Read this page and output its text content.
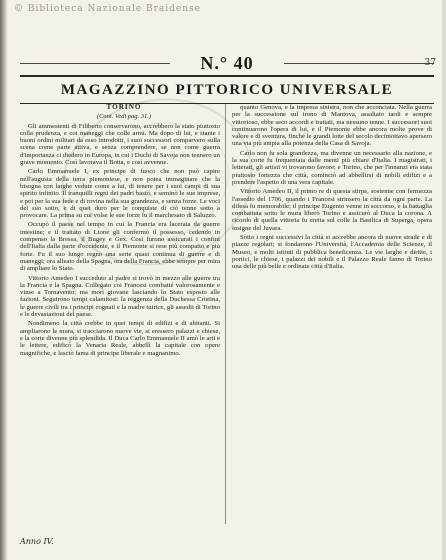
© Biblioteca Nazionale Braidense
N.° 40	37
MAGAZZINO PITTORICO UNIVERSALE

TORINO

(Cont. Vedi pag. 31.)

Gli ammestenti di Filiberto conservarono, accrebbero la stato piuttosto colla prudenza, e coi maneggi che colle armi. Ma dopo di lui, e stante i buoni ordini militari da esso introdotti, i suoi successori comparvero sulla scena come parte attiva, e senza comprendere, se non come guerra d'importanza ci diedero in Europa, in cui i Duchi di Savoja non tennero un grave momento. Così lavorava il Botta, e così avvenne.

Carlo Emmanuele I, ex principe di fuoco che non può capire nell'augusta della terra piemontese, e non potea immaginare che la bisogna con larghe vedute come a lui, di tenere per i suoi campi di sua spirito infinito. Il tranquilli regni dei padri bastò, e seminò le sue imprese, e poi per la sua fede e di rovina nella sua grandezza, e senza forze. Le voci del suo sotto, e di quei duro per le conquiste di ciò tenne sotto a provocare. La prima su cui volse le sue forze fu il marchesato di Saluzzo.

Occupò il paese nel tempo in cui la Francia era lacerata da guerre intestine; e il trattato di Lione gli confermò il possesso, cedendo in compenso la Bressa, il Bugey e Gex. Così furono assicurati i confini dell'Italia dalla parte d'occidente, e il Piemonte si rese più compatto e più forte. Fu il suo lungo regno una serie quasi continua di guerre e di maneggi; ora alleato della Spagna, ora della Francia, ebbe sempre per mira di ampliare lo Stato.

Vittorio Amedeo I succeduto al padre si trovò in mezzo alle guerre tra la Francia e la Spagna. Collegato coi Francesi combatté valorosamente e vinse a Tornavento; ma morì giovane lasciando lo Stato esposto alle fazioni. Seguirono tempi calamitosi: la reggenza della Duchessa Cristina, le guerre civili tra i principi cognati e la madre tutrice, gli assedii di Torino e le devastazioni del paese.

Nondimeno la città crebbe in quei tempi di edifizi e di abitanti. Si ampliarono le mura, si tracciarono nuove vie, si eressero palazzi e chiese, e la corte divenne più splendida. Il Duca Carlo Emmanuele II amò le arti e le lettere, edificò la Venaria Reale, abbellì la capitale con opere magnifiche, e lasciò fama di principe liberale e magnanimo.

quanto Genova, e la impresa sinistra, non che acconciata. Nella guerra per la successione sul trono di Mantova, assaltato tardi e sempre vittorioso, ebbe seco accordi e trattati, ma nessuno tenne. I successori suoi continuarono l'opera di lui, e il Piemonte ebbe ancora molte prove di valore e di sventura, finché le grandi lotte del secolo decimottavo apersero una via più ampia alla potenza della Casa di Savoja.

Carlo non fu sola grandezza, ma divenne un necessario alla nazione, e la sua corte fu frequentata dalle menti più chiare d'Italia. I magistrati, i letterati, gli artisti vi trovarono favore; e Torino, che per l'innanzi era stata piuttosto fortezza che città, cominciò ad abbellirsi di nobili edifizi e a prendere l'aspetto di una vera capitale.

Vittorio Amedeo II, il primo re di questa stirpe, sostenne con fermezza l'assedio del 1706, quando i Francesi strinsero la città da ogni parte. La difesa fu memorabile; il principe Eugenio venne in soccorso, e la battaglia combattuta sotto le mura liberò Torino e assicurò al Duca la corona. A ricordo di quella vittoria fu eretta sul colle la Basilica di Superga, opera insigne del Juvara.

Sotto i regni successivi la città si accrebbe ancora di nuove strade e di piazze regolari; si fondarono l'Università, l'Accademia delle Scienze, il Museo, e molti istituti di pubblica beneficenza. Le vie larghe e diritte, i portici, le chiese, i palazzi dei nobili e il Palazzo Reale fanno di Torino una delle più belle e ordinate città d'Italia.

Anno IV.
